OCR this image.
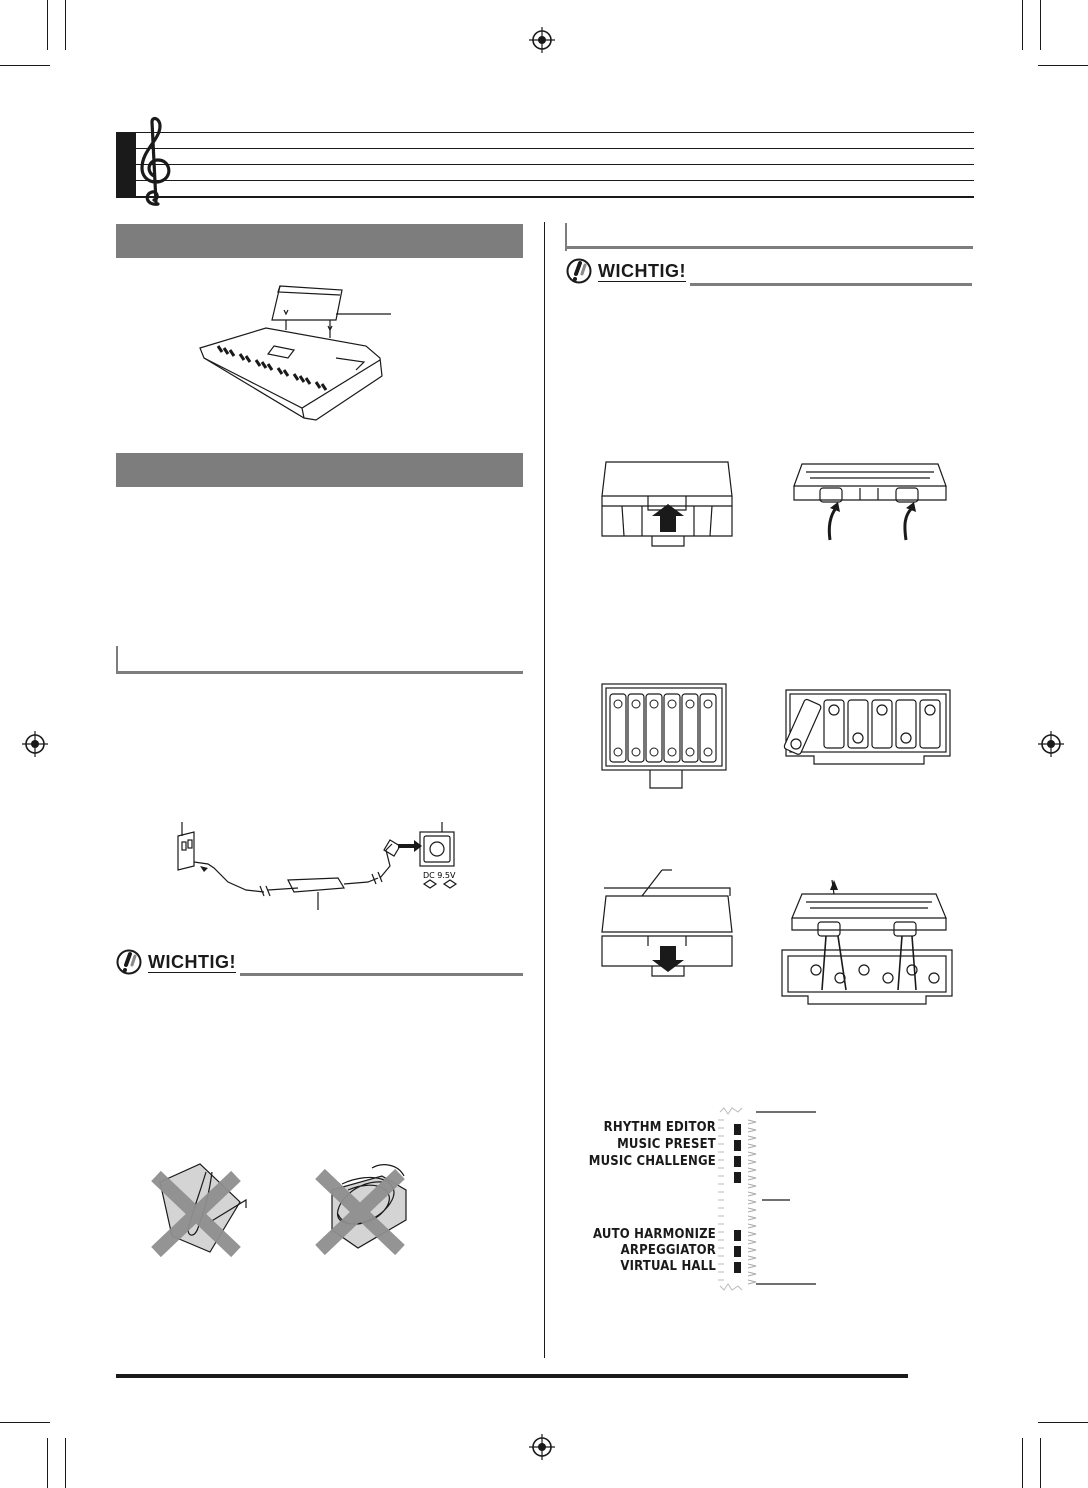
WICHTIG!
WICHTIG!
DC 9.5V
RHYTHM EDITOR
MUSIC PRESET
MUSIC CHALLENGE
AUTO HARMONIZE
ARPEGGIATOR
VIRTUAL HALL
